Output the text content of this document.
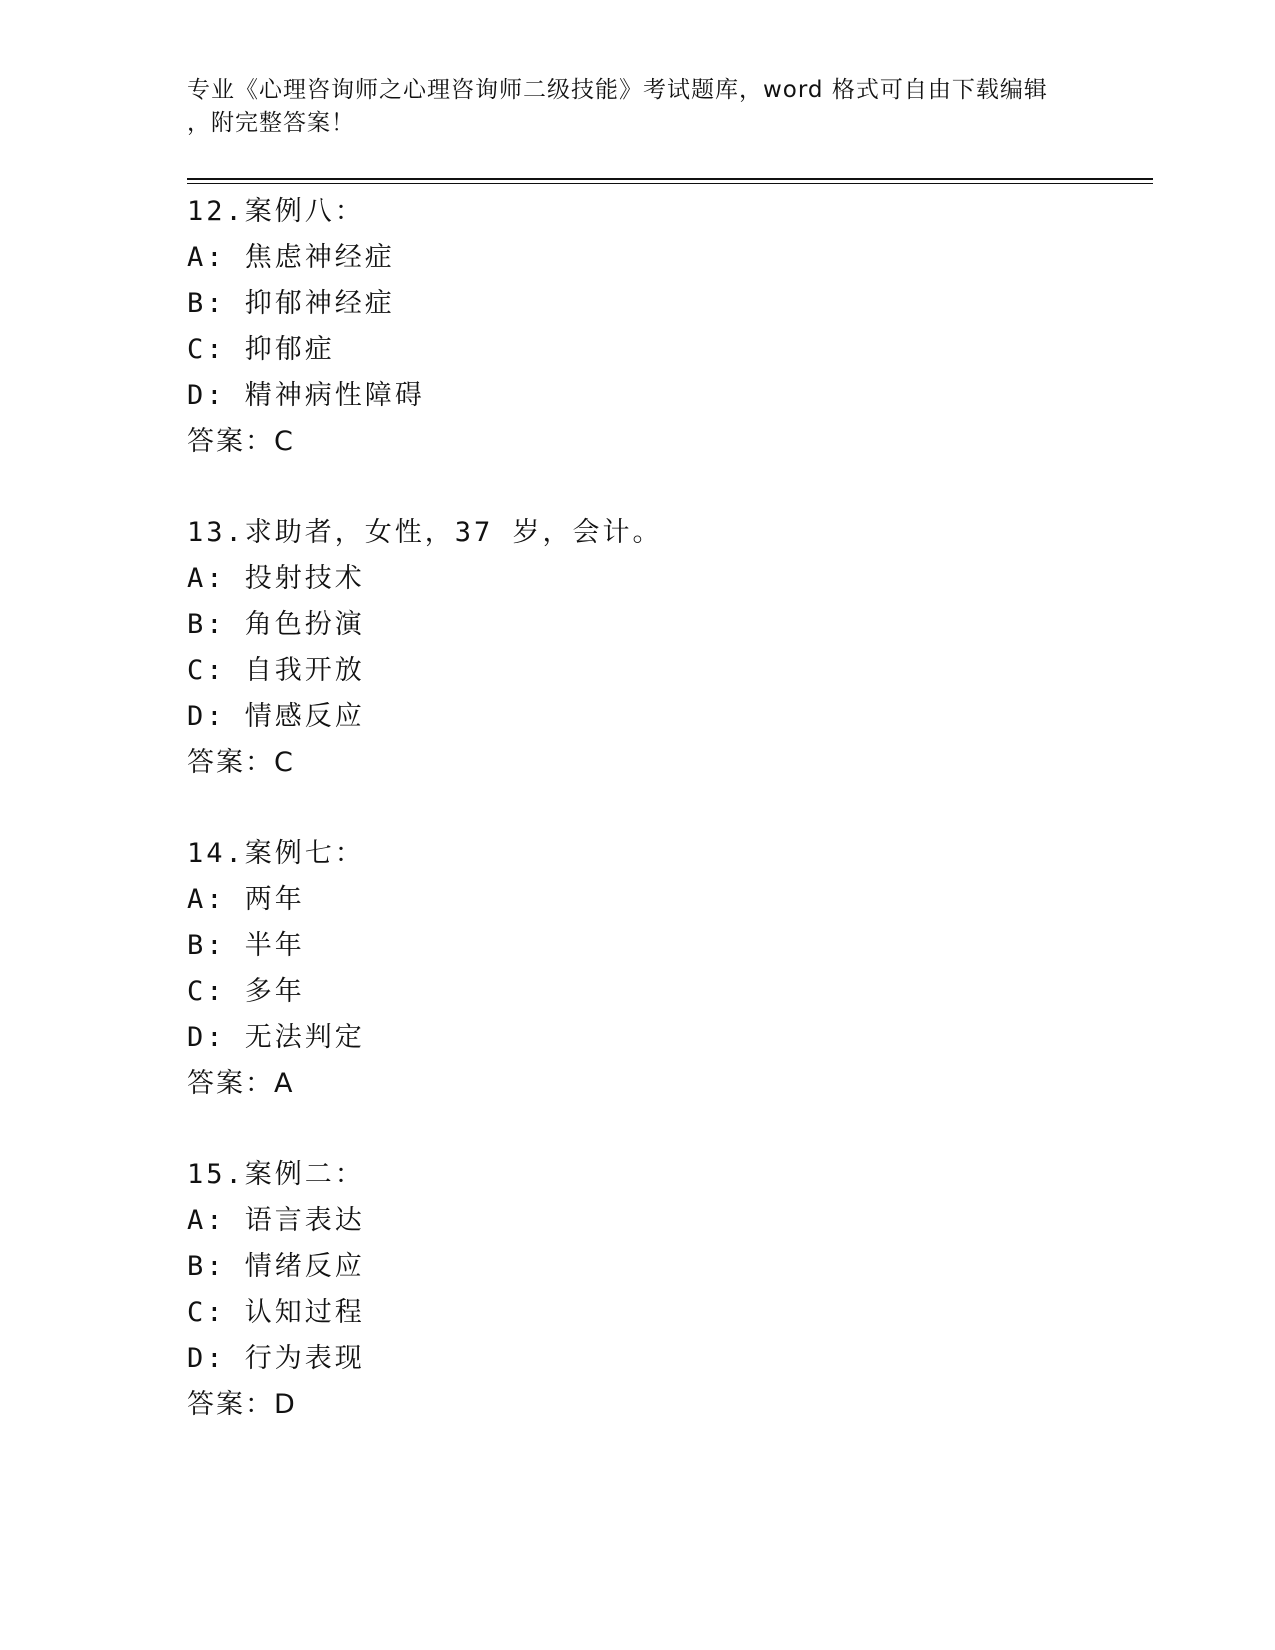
专业《心理咨询师之心理咨询师二级技能》考试题库，word 格式可自由下载编辑
，附完整答案！
12.案例八：
A: 焦虑神经症
B: 抑郁神经症
C: 抑郁症
D: 精神病性障碍
答案：C
13.求助者，女性，37 岁，会计。
A: 投射技术
B: 角色扮演
C: 自我开放
D: 情感反应
答案：C
14.案例七：
A: 两年
B: 半年
C: 多年
D: 无法判定
答案：A
15.案例二：
A: 语言表达
B: 情绪反应
C: 认知过程
D: 行为表现
答案：D
